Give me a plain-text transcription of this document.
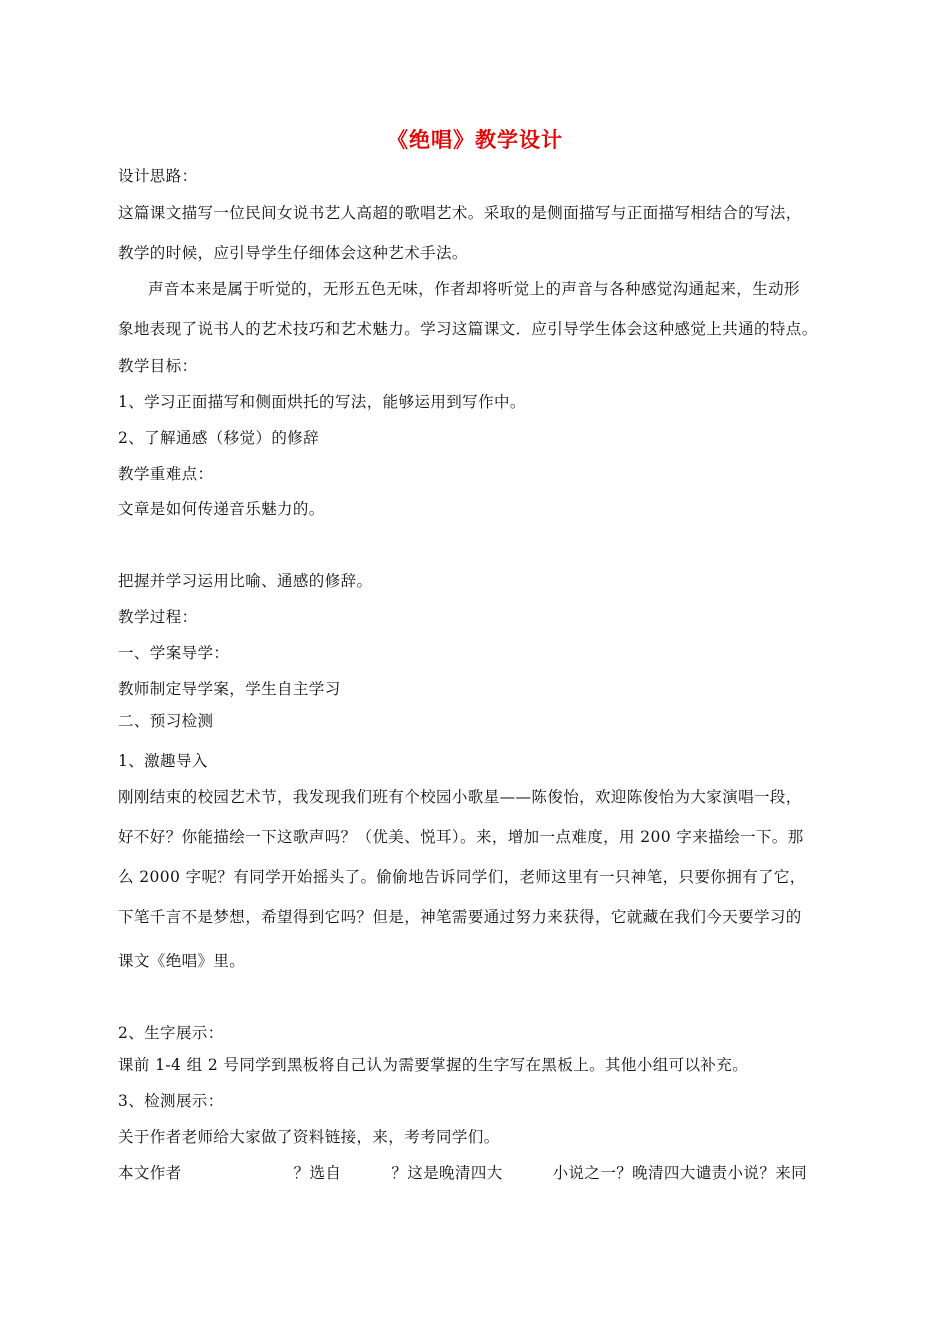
《绝唱》教学设计
设计思路：
这篇课文描写一位民间女说书艺人高超的歌唱艺术。采取的是侧面描写与正面描写相结合的写法，
教学的时候，应引导学生仔细体会这种艺术手法。
声音本来是属于听觉的，无形五色无味，作者却将听觉上的声音与各种感觉沟通起来，生动形
象地表现了说书人的艺术技巧和艺术魅力。学习这篇课文．应引导学生体会这种感觉上共通的特点。
教学目标：
1、学习正面描写和侧面烘托的写法，能够运用到写作中。
2、了解通感（移觉）的修辞
教学重难点：
文章是如何传递音乐魅力的。
把握并学习运用比喻、通感的修辞。
教学过程：
一、学案导学：
教师制定导学案，学生自主学习
二、预习检测
1、激趣导入
刚刚结束的校园艺术节，我发现我们班有个校园小歌星——陈俊怡，欢迎陈俊怡为大家演唱一段，
好不好？你能描绘一下这歌声吗？（优美、悦耳）。来，增加一点难度，用 200 字来描绘一下。那
么 2000 字呢？有同学开始摇头了。偷偷地告诉同学们，老师这里有一只神笔，只要你拥有了它，
下笔千言不是梦想，希望得到它吗？但是，神笔需要通过努力来获得，它就藏在我们今天要学习的
课文《绝唱》里。
2、生字展示：
课前 1-4 组 2 号同学到黑板将自己认为需要掌握的生字写在黑板上。其他小组可以补充。
3、检测展示：
关于作者老师给大家做了资料链接，来，考考同学们。
本文作者	？选自	？这是晚清四大	小说之一？晚清四大谴责小说？来同
